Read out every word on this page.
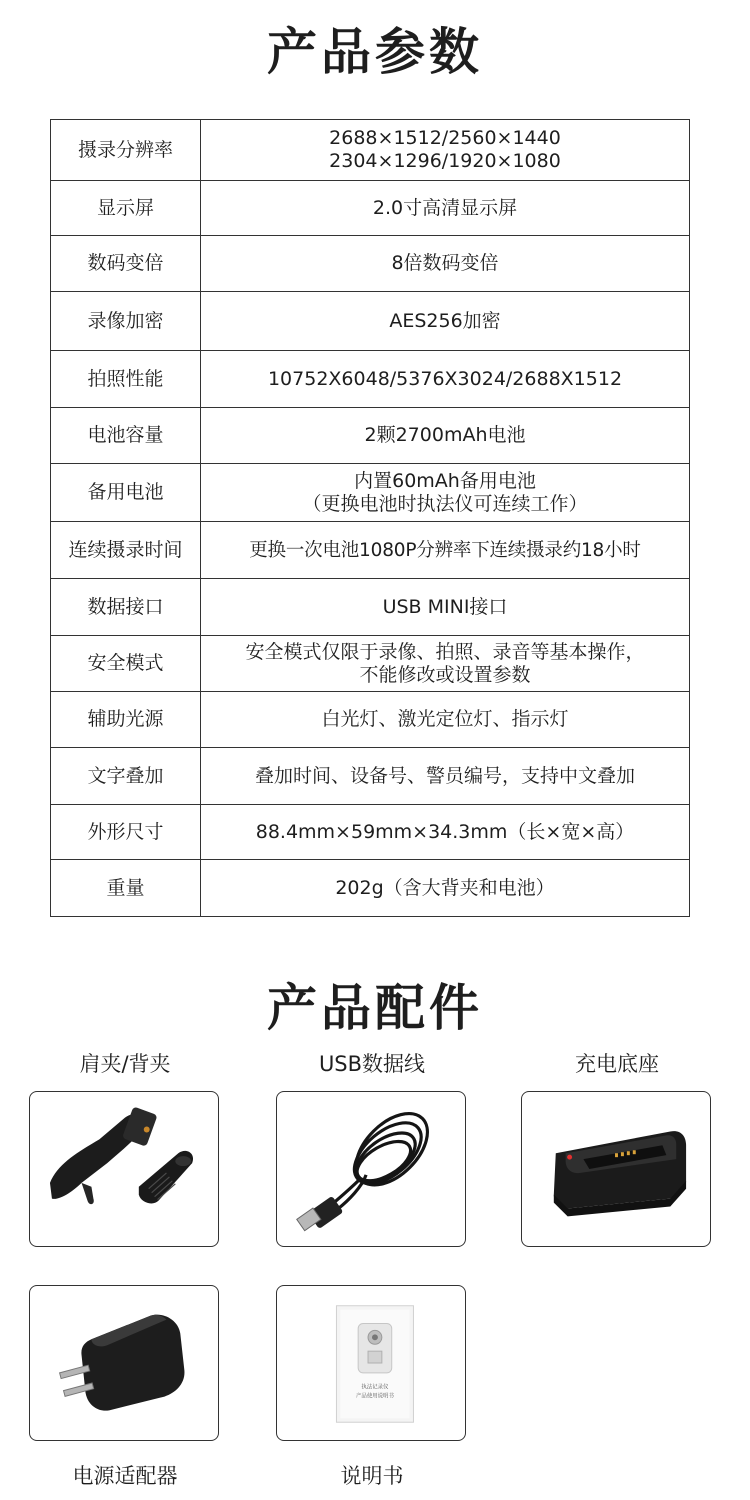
产品参数
摄录分辨率	2688×1512/2560×1440
2304×1296/1920×1080
显示屏	2.0寸高清显示屏
数码变倍	8倍数码变倍
录像加密	AES256加密
拍照性能	10752X6048/5376X3024/2688X1512
电池容量	2颗2700mAh电池
备用电池	内置60mAh备用电池
（更换电池时执法仪可连续工作）
连续摄录时间	更换一次电池1080P分辨率下连续摄录约18小时
数据接口	USB MINI接口
安全模式	安全模式仅限于录像、拍照、录音等基本操作，
不能修改或设置参数
辅助光源	白光灯、激光定位灯、指示灯
文字叠加	叠加时间、设备号、警员编号，支持中文叠加
外形尺寸	88.4mm×59mm×34.3mm（长×宽×高）
重量	202g（含大背夹和电池）
产品配件
肩夹/背夹	USB数据线	充电底座
执法记录仪
产品使用说明书
电源适配器	说明书
